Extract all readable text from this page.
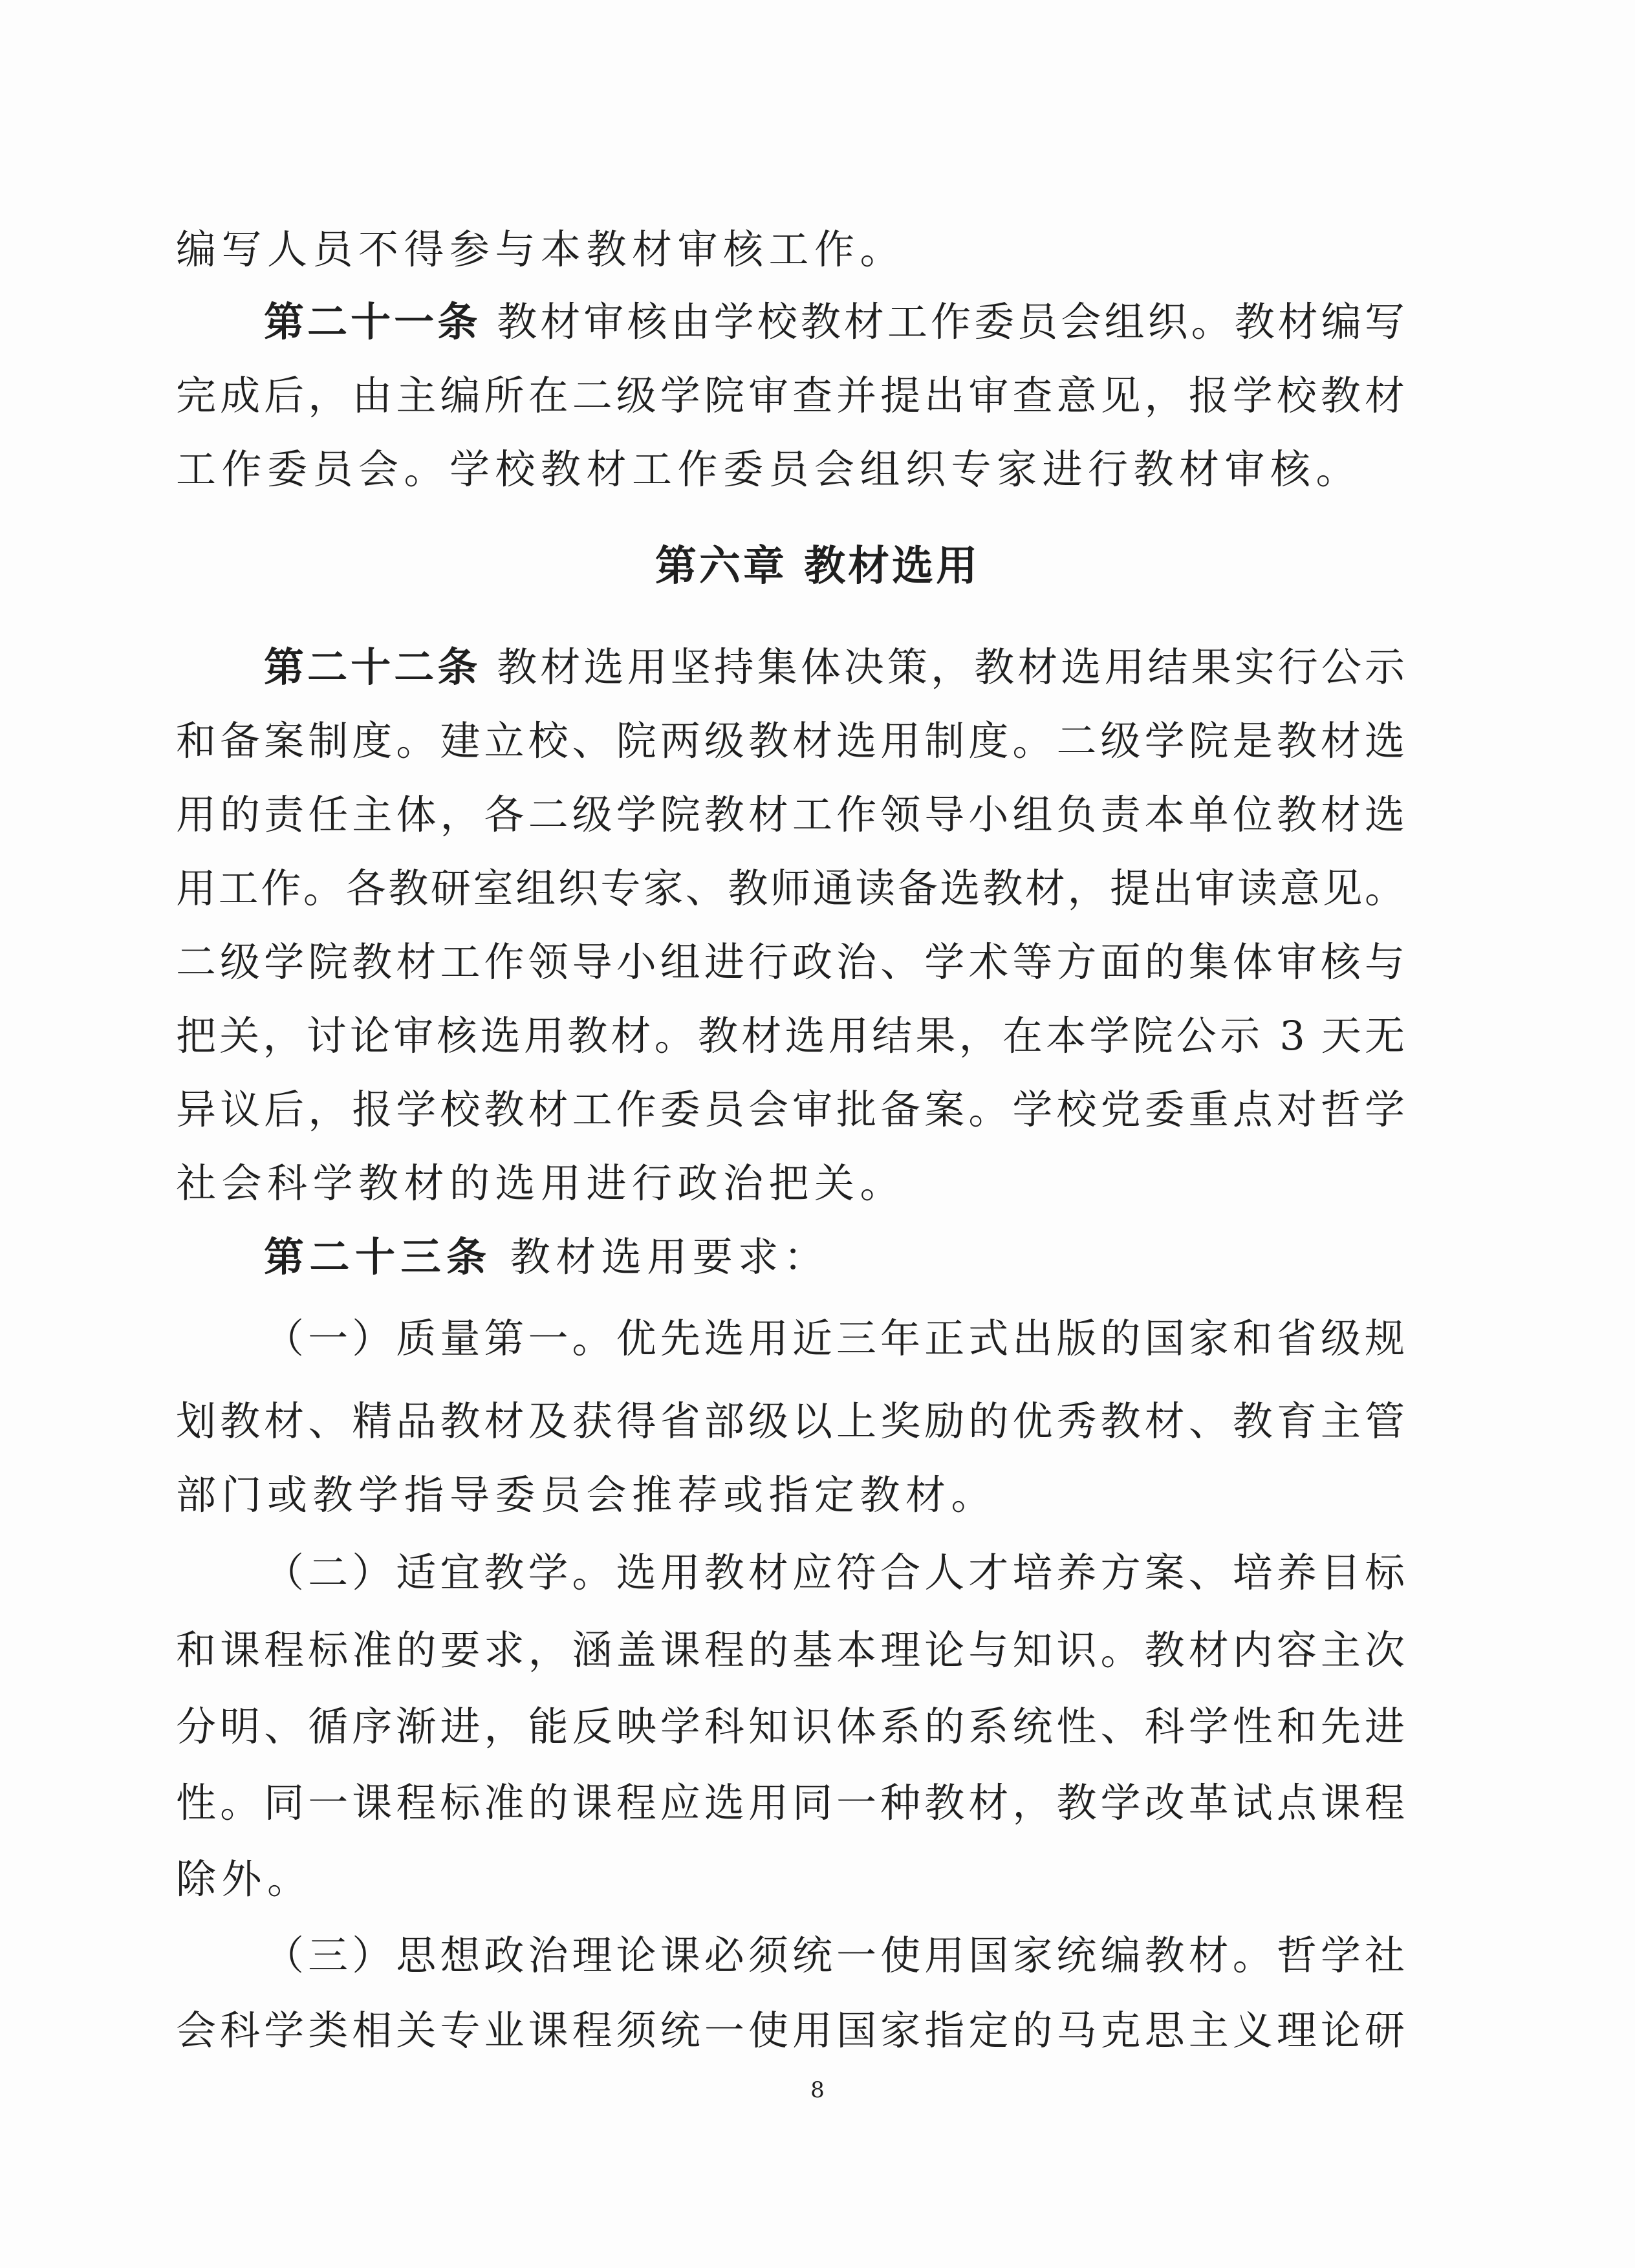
编写人员不得参与本教材审核工作。
第二十一条 教材审核由学校教材工作委员会组织。教材编写
完成后，由主编所在二级学院审查并提出审查意见，报学校教材
工作委员会。学校教材工作委员会组织专家进行教材审核。
第六章 教材选用
第二十二条 教材选用坚持集体决策，教材选用结果实行公示
和备案制度。建立校、院两级教材选用制度。二级学院是教材选
用的责任主体，各二级学院教材工作领导小组负责本单位教材选
用工作。各教研室组织专家、教师通读备选教材，提出审读意见。
二级学院教材工作领导小组进行政治、学术等方面的集体审核与
把关，讨论审核选用教材。教材选用结果，在本学院公示 3 天无
异议后，报学校教材工作委员会审批备案。学校党委重点对哲学
社会科学教材的选用进行政治把关。
第二十三条 教材选用要求：
（一）质量第一。优先选用近三年正式出版的国家和省级规
划教材、精品教材及获得省部级以上奖励的优秀教材、教育主管
部门或教学指导委员会推荐或指定教材。
（二）适宜教学。选用教材应符合人才培养方案、培养目标
和课程标准的要求，涵盖课程的基本理论与知识。教材内容主次
分明、循序渐进，能反映学科知识体系的系统性、科学性和先进
性。同一课程标准的课程应选用同一种教材，教学改革试点课程
除外。
（三）思想政治理论课必须统一使用国家统编教材。哲学社
会科学类相关专业课程须统一使用国家指定的马克思主义理论研
8
